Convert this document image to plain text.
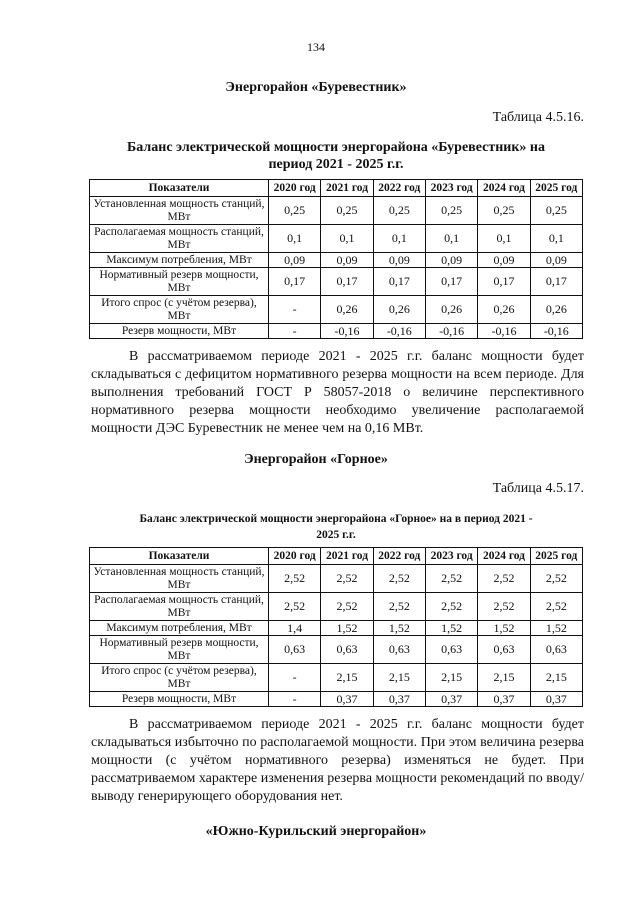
134
Энергорайон «Буревестник»
Таблица 4.5.16.
Баланс электрической мощности энергорайона «Буревестник» на
период 2021 - 2025 г.г.
Показатели	2020 год	2021 год	2022 год	2023 год	2024 год	2025 год
Установленная мощность станций, МВт	0,25	0,25	0,25	0,25	0,25	0,25
Располагаемая мощность станций, МВт	0,1	0,1	0,1	0,1	0,1	0,1
Максимум потребления, МВт	0,09	0,09	0,09	0,09	0,09	0,09
Нормативный резерв мощности, МВт	0,17	0,17	0,17	0,17	0,17	0,17
Итого спрос (с учётом резерва), МВт	-	0,26	0,26	0,26	0,26	0,26
Резерв мощности, МВт	-	-0,16	-0,16	-0,16	-0,16	-0,16
В рассматриваемом периоде 2021 - 2025 г.г. баланс мощности будет складываться с дефицитом нормативного резерва мощности на всем периоде. Для выполнения требований ГОСТ Р 58057-2018 о величине перспективного нормативного резерва мощности необходимо увеличение располагаемой мощности ДЭС Буревестник не менее чем на 0,16 МВт.
Энергорайон «Горное»
Таблица 4.5.17.
Баланс электрической мощности энергорайона «Горное» на в период 2021 -
2025 г.г.
Показатели	2020 год	2021 год	2022 год	2023 год	2024 год	2025 год
Установленная мощность станций, МВт	2,52	2,52	2,52	2,52	2,52	2,52
Располагаемая мощность станций, МВт	2,52	2,52	2,52	2,52	2,52	2,52
Максимум потребления, МВт	1,4	1,52	1,52	1,52	1,52	1,52
Нормативный резерв мощности, МВт	0,63	0,63	0,63	0,63	0,63	0,63
Итого спрос (с учётом резерва), МВт	-	2,15	2,15	2,15	2,15	2,15
Резерв мощности, МВт	-	0,37	0,37	0,37	0,37	0,37
В рассматриваемом периоде 2021 - 2025 г.г. баланс мощности будет складываться избыточно по располагаемой мощности. При этом величина резерва мощности (с учётом нормативного резерва) изменяться не будет. При рассматриваемом характере изменения резерва мощности рекомендаций по вводу/выводу генерирующего оборудования нет.
«Южно-Курильский энергорайон»
